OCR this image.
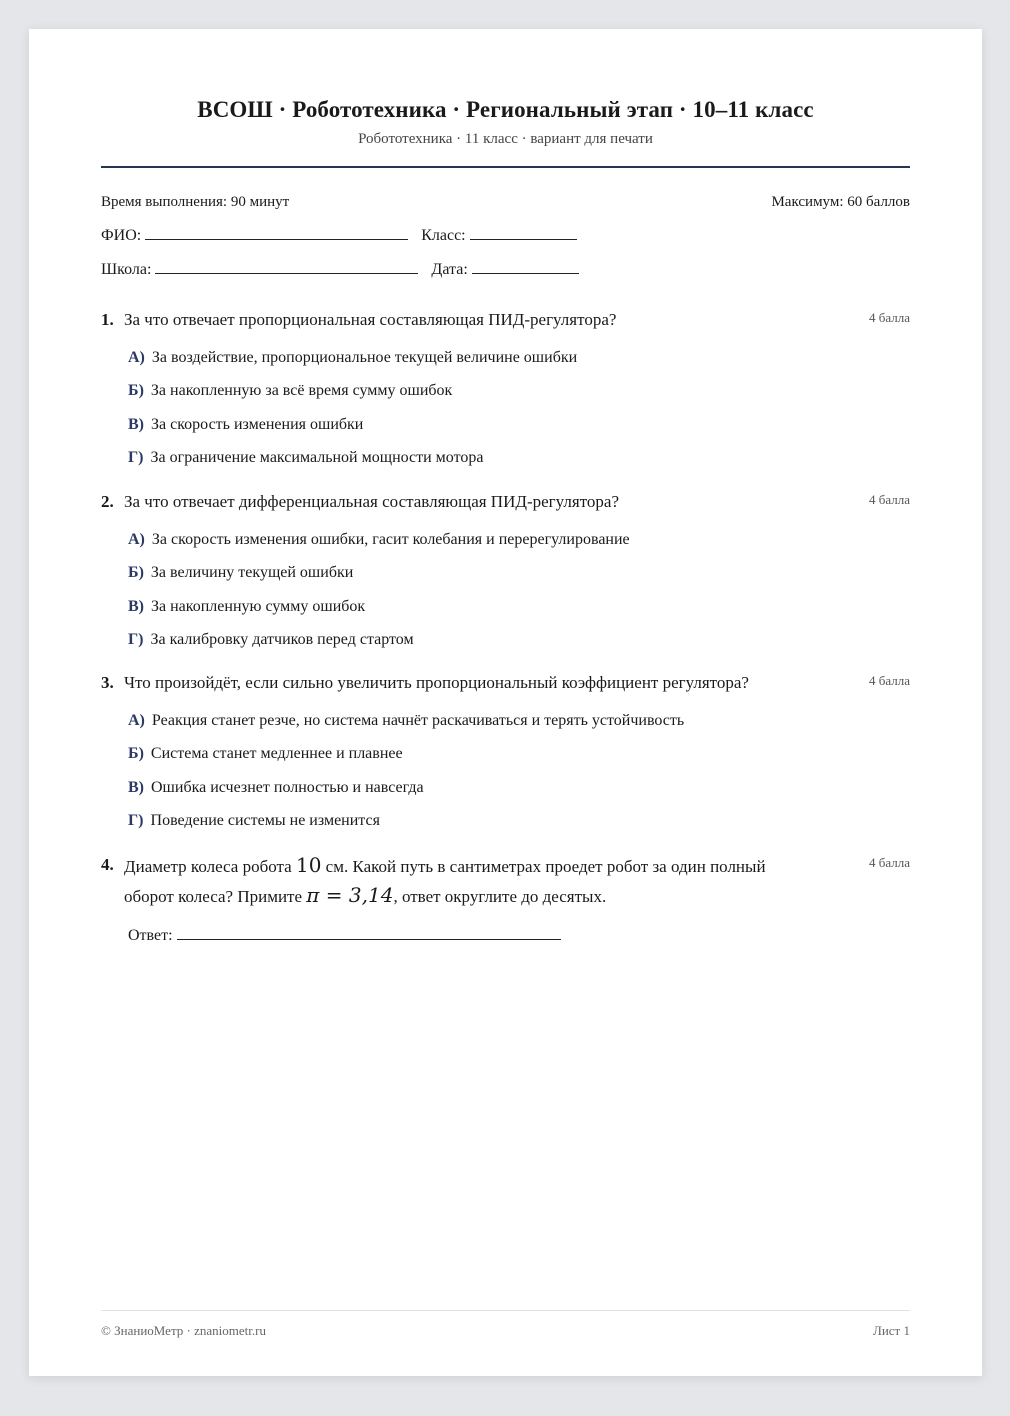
ВСОШ · Робототехника · Региональный этап · 10–11 класс
Робототехника · 11 класс · вариант для печати
Время выполнения: 90 минут	Максимум: 60 баллов
ФИО:	Класс:
Школа:	Дата:
1. За что отвечает пропорциональная составляющая ПИД-регулятора?	4 балла
А) За воздействие, пропорциональное текущей величине ошибки
Б) За накопленную за всё время сумму ошибок
В) За скорость изменения ошибки
Г) За ограничение максимальной мощности мотора
2. За что отвечает дифференциальная составляющая ПИД-регулятора?	4 балла
А) За скорость изменения ошибки, гасит колебания и перерегулирование
Б) За величину текущей ошибки
В) За накопленную сумму ошибок
Г) За калибровку датчиков перед стартом
3. Что произойдёт, если сильно увеличить пропорциональный коэффициент регулятора?	4 балла
А) Реакция станет резче, но система начнёт раскачиваться и терять устойчивость
Б) Система станет медленнее и плавнее
В) Ошибка исчезнет полностью и навсегда
Г) Поведение системы не изменится
4. Диаметр колеса робота 10 см. Какой путь в сантиметрах проедет робот за один полный оборот колеса? Примите π = 3,14, ответ округлите до десятых.
4 балла
Ответ:
© ЗнаниоМетр · znaniometr.ru	Лист 1
